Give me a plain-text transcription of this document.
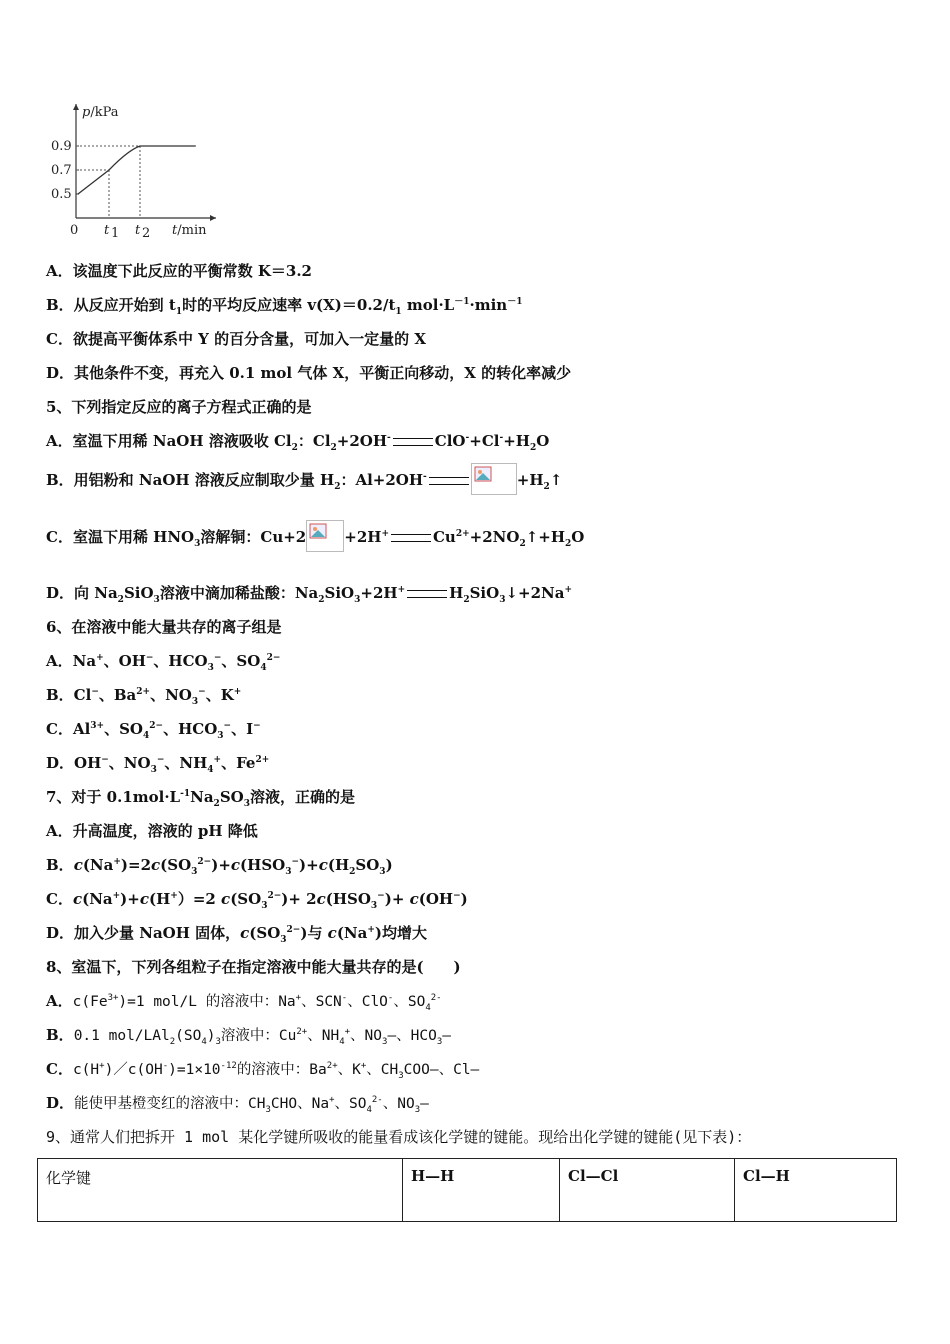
0.5
0.7
0.9
t 1 t 2
p/kPa
t/min
0
A．该温度下此反应的平衡常数 K＝3.2
B．从反应开始到 $t_1$时的平均反应速率 $v(X)=0.2/t_1$ $mol\cdot L^{-1}\cdot\min^{-1}$
C．欲提高平衡体系中 Y 的百分含量，可加入一定量的 X
D．其他条件不变，再充入 0.1 mol 气体 X，平衡正向移动，X 的转化率减少
5、下列指定反应的离子方程式正确的是
A．室温下用稀 NaOH 溶液吸收 $Cl_2$：$Cl_2+2OH^-$	$ClO^-+Cl^-+H_2O$
B．用铝粉和 NaOH 溶液反应制取少量 $H_2$：Al+2OH-	$+H_2↑$
C．室温下用稀 $HNO_3$溶解铜：Cu+2	+2H+	$Cu^{2+}+2NO_2↑+H_2O$
D．向 $Na_2SiO_3$溶液中滴加稀盐酸：$Na_2SiO_3+2H^+$	$H_2SiO_3↓+2Na^+$
6、在溶液中能大量共存的离子组是
A．Na+、OH−、$HCO_3^-$、$SO_4^{2-}$
B．Cl−、$Ba^{2+}$、$NO_3^-$、K+
C．$Al^{3+}$、$SO_4^{2-}$、$HCO_3^-$、I−
D．OH−、$NO_3^-$、$NH_4^+$、$Fe^{2+}$
7、对于 $0.1mol\cdot L^{-1}Na_2SO_3$溶液，正确的是
A．升高温度，溶液的 pH 降低
B．$c(Na^+)=2c(SO_3^{2-})+c(HSO_3^-)+c(H_2SO_3)$
C．c(Na+)+c(H+）=2 $c(SO_3^{2-})+ 2c(HSO_3^-)+ c(OH^-)$
D．加入少量 NaOH 固体，$c(SO_3^{2-})$与 c(Na+)均增大
8、室温下，下列各组粒子在指定溶液中能大量共存的是(　　)
A．$c(Fe^{3+})=1$ mol/L 的溶液中：Na+、SCN-、ClO-、$SO_4^{2-}$
B．0.1 mol/$LAl_2(SO_4)_3$溶液中：$Cu^{2+}$、$NH_4^+$、$NO_3—$、$HCO_3—$
C．$c(H^+)/c(OH^-)=1\times 10^{-12}$的溶液中：$Ba^{2+}$、K+、$CH_3COO—$、Cl—
D．能使甲基橙变红的溶液中：$CH_3CHO$、Na+、$SO_4^{2-}$、$NO_3—$
9、通常人们把拆开 1 mol 某化学键所吸收的能量看成该化学键的键能。现给出化学键的键能(见下表)：
化学键	H—H	Cl—Cl	Cl—H
